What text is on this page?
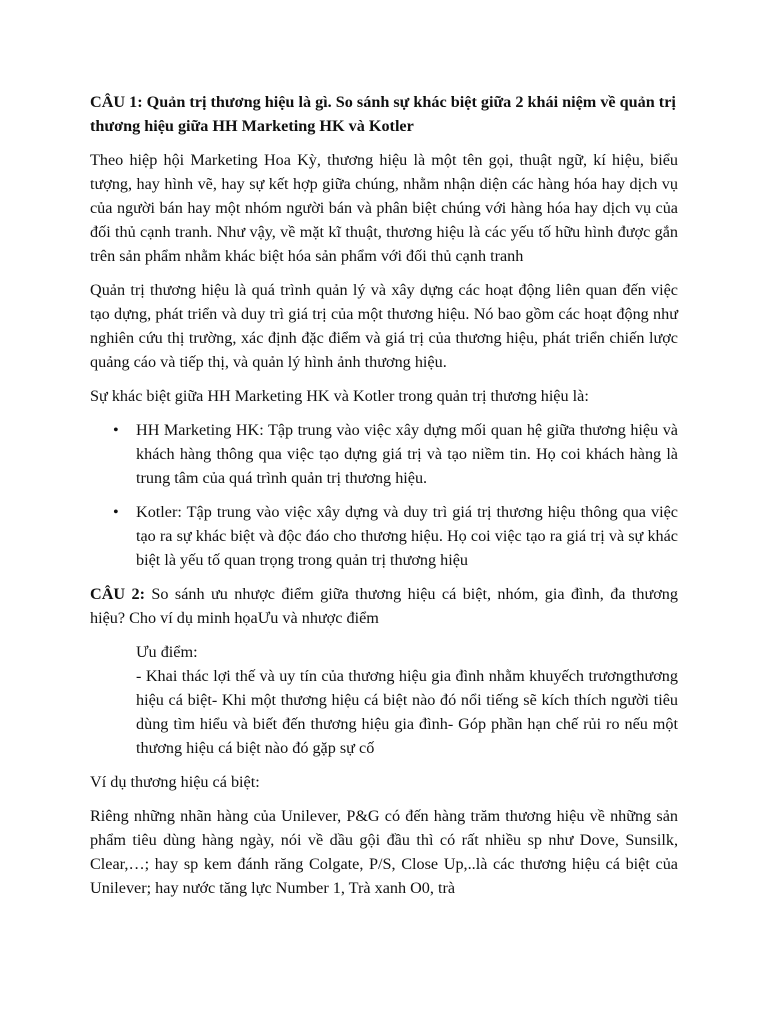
CÂU 1: Quản trị thương hiệu là gì. So sánh sự khác biệt giữa 2 khái niệm về quản trị thương hiệu giữa HH Marketing HK và Kotler

Theo hiệp hội Marketing Hoa Kỳ, thương hiệu là một tên gọi, thuật ngữ, kí hiệu, biểu tượng, hay hình vẽ, hay sự kết hợp giữa chúng, nhằm nhận diện các hàng hóa hay dịch vụ của người bán hay một nhóm người bán và phân biệt chúng với hàng hóa hay dịch vụ của đối thủ cạnh tranh. Như vậy, về mặt kĩ thuật, thương hiệu là các yếu tố hữu hình được gắn trên sản phẩm nhằm khác biệt hóa sản phẩm với đối thủ cạnh tranh

Quản trị thương hiệu là quá trình quản lý và xây dựng các hoạt động liên quan đến việc tạo dựng, phát triển và duy trì giá trị của một thương hiệu. Nó bao gồm các hoạt động như nghiên cứu thị trường, xác định đặc điểm và giá trị của thương hiệu, phát triển chiến lược quảng cáo và tiếp thị, và quản lý hình ảnh thương hiệu.

Sự khác biệt giữa HH Marketing HK và Kotler trong quản trị thương hiệu là:

• HH Marketing HK: Tập trung vào việc xây dựng mối quan hệ giữa thương hiệu và khách hàng thông qua việc tạo dựng giá trị và tạo niềm tin. Họ coi khách hàng là trung tâm của quá trình quản trị thương hiệu.
• Kotler: Tập trung vào việc xây dựng và duy trì giá trị thương hiệu thông qua việc tạo ra sự khác biệt và độc đáo cho thương hiệu. Họ coi việc tạo ra giá trị và sự khác biệt là yếu tố quan trọng trong quản trị thương hiệu

CÂU 2: So sánh ưu nhược điểm giữa thương hiệu cá biệt, nhóm, gia đình, đa thương hiệu? Cho ví dụ minh họaƯu và nhược điểm

Ưu điểm:

- Khai thác lợi thế và uy tín của thương hiệu gia đình nhằm khuyếch trươngthương hiệu cá biệt- Khi một thương hiệu cá biệt nào đó nổi tiếng sẽ kích thích người tiêu dùng tìm hiểu và biết đến thương hiệu gia đình- Góp phần hạn chế rủi ro nếu một thương hiệu cá biệt nào đó gặp sự cố

Ví dụ thương hiệu cá biệt:

Riêng những nhãn hàng của Unilever, P&G có đến hàng trăm thương hiệu về những sản phẩm tiêu dùng hàng ngày, nói về dầu gội đầu thì có rất nhiều sp như Dove, Sunsilk, Clear,…; hay sp kem đánh răng Colgate, P/S, Close Up,..là các thương hiệu cá biệt của Unilever; hay nước tăng lực Number 1, Trà xanh O0, trà
